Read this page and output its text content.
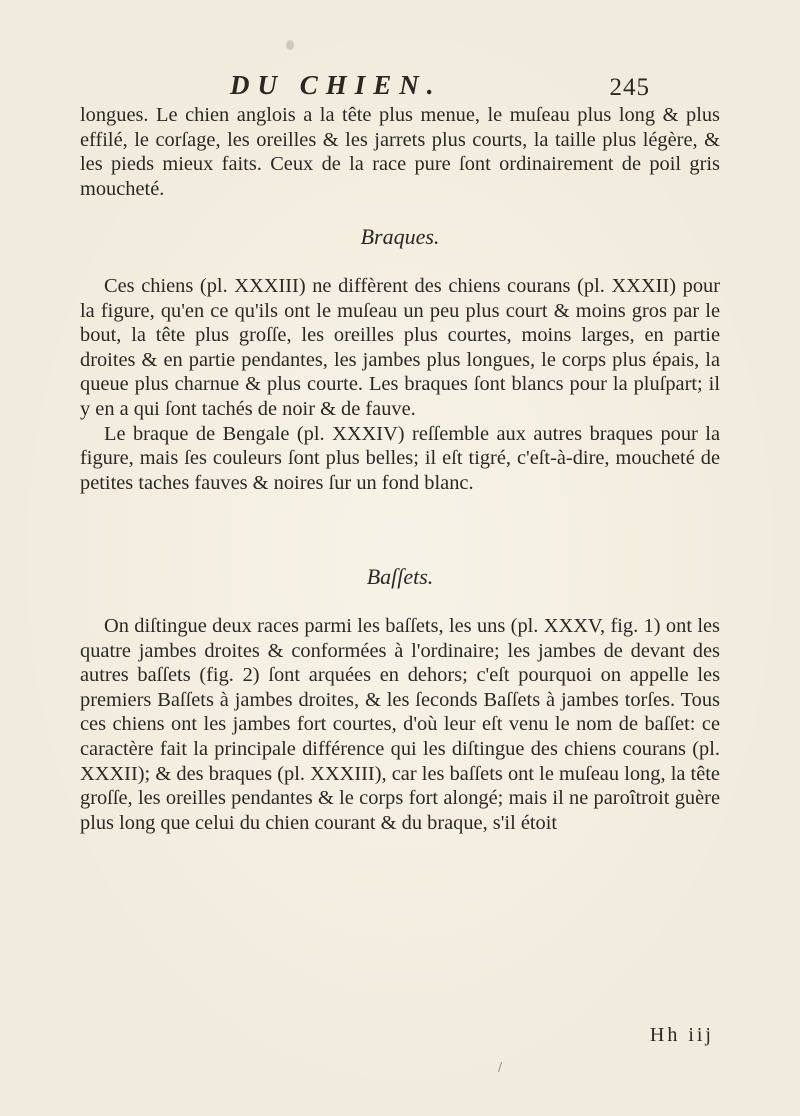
DU CHIEN.	245

longues. Le chien anglois a la tête plus menue, le muſeau plus long & plus effilé, le corſage, les oreilles & les jarrets plus courts, la taille plus légère, & les pieds mieux faits. Ceux de la race pure ſont ordinairement de poil gris moucheté.

Braques.

Ces chiens (pl. XXXIII) ne diffèrent des chiens courans (pl. XXXII) pour la figure, qu'en ce qu'ils ont le muſeau un peu plus court & moins gros par le bout, la tête plus groſſe, les oreilles plus courtes, moins larges, en partie droites & en partie pendantes, les jambes plus longues, le corps plus épais, la queue plus charnue & plus courte. Les braques ſont blancs pour la pluſpart; il y en a qui ſont tachés de noir & de fauve.

Le braque de Bengale (pl. XXXIV) reſſemble aux autres braques pour la figure, mais ſes couleurs ſont plus belles; il eſt tigré, c'eſt-à-dire, moucheté de petites taches fauves & noires ſur un fond blanc.

Baſſets.

On diſtingue deux races parmi les baſſets, les uns (pl. XXXV, fig. 1) ont les quatre jambes droites & conformées à l'ordinaire; les jambes de devant des autres baſſets (fig. 2) ſont arquées en dehors; c'eſt pourquoi on appelle les premiers Baſſets à jambes droites, & les ſeconds Baſſets à jambes torſes. Tous ces chiens ont les jambes fort courtes, d'où leur eſt venu le nom de baſſet: ce caractère fait la principale différence qui les diſtingue des chiens courans (pl. XXXII); & des braques (pl. XXXIII), car les baſſets ont le muſeau long, la tête groſſe, les oreilles pendantes & le corps fort alongé; mais il ne paroîtroit guère plus long que celui du chien courant & du braque, s'il étoit

Hh iij
/
